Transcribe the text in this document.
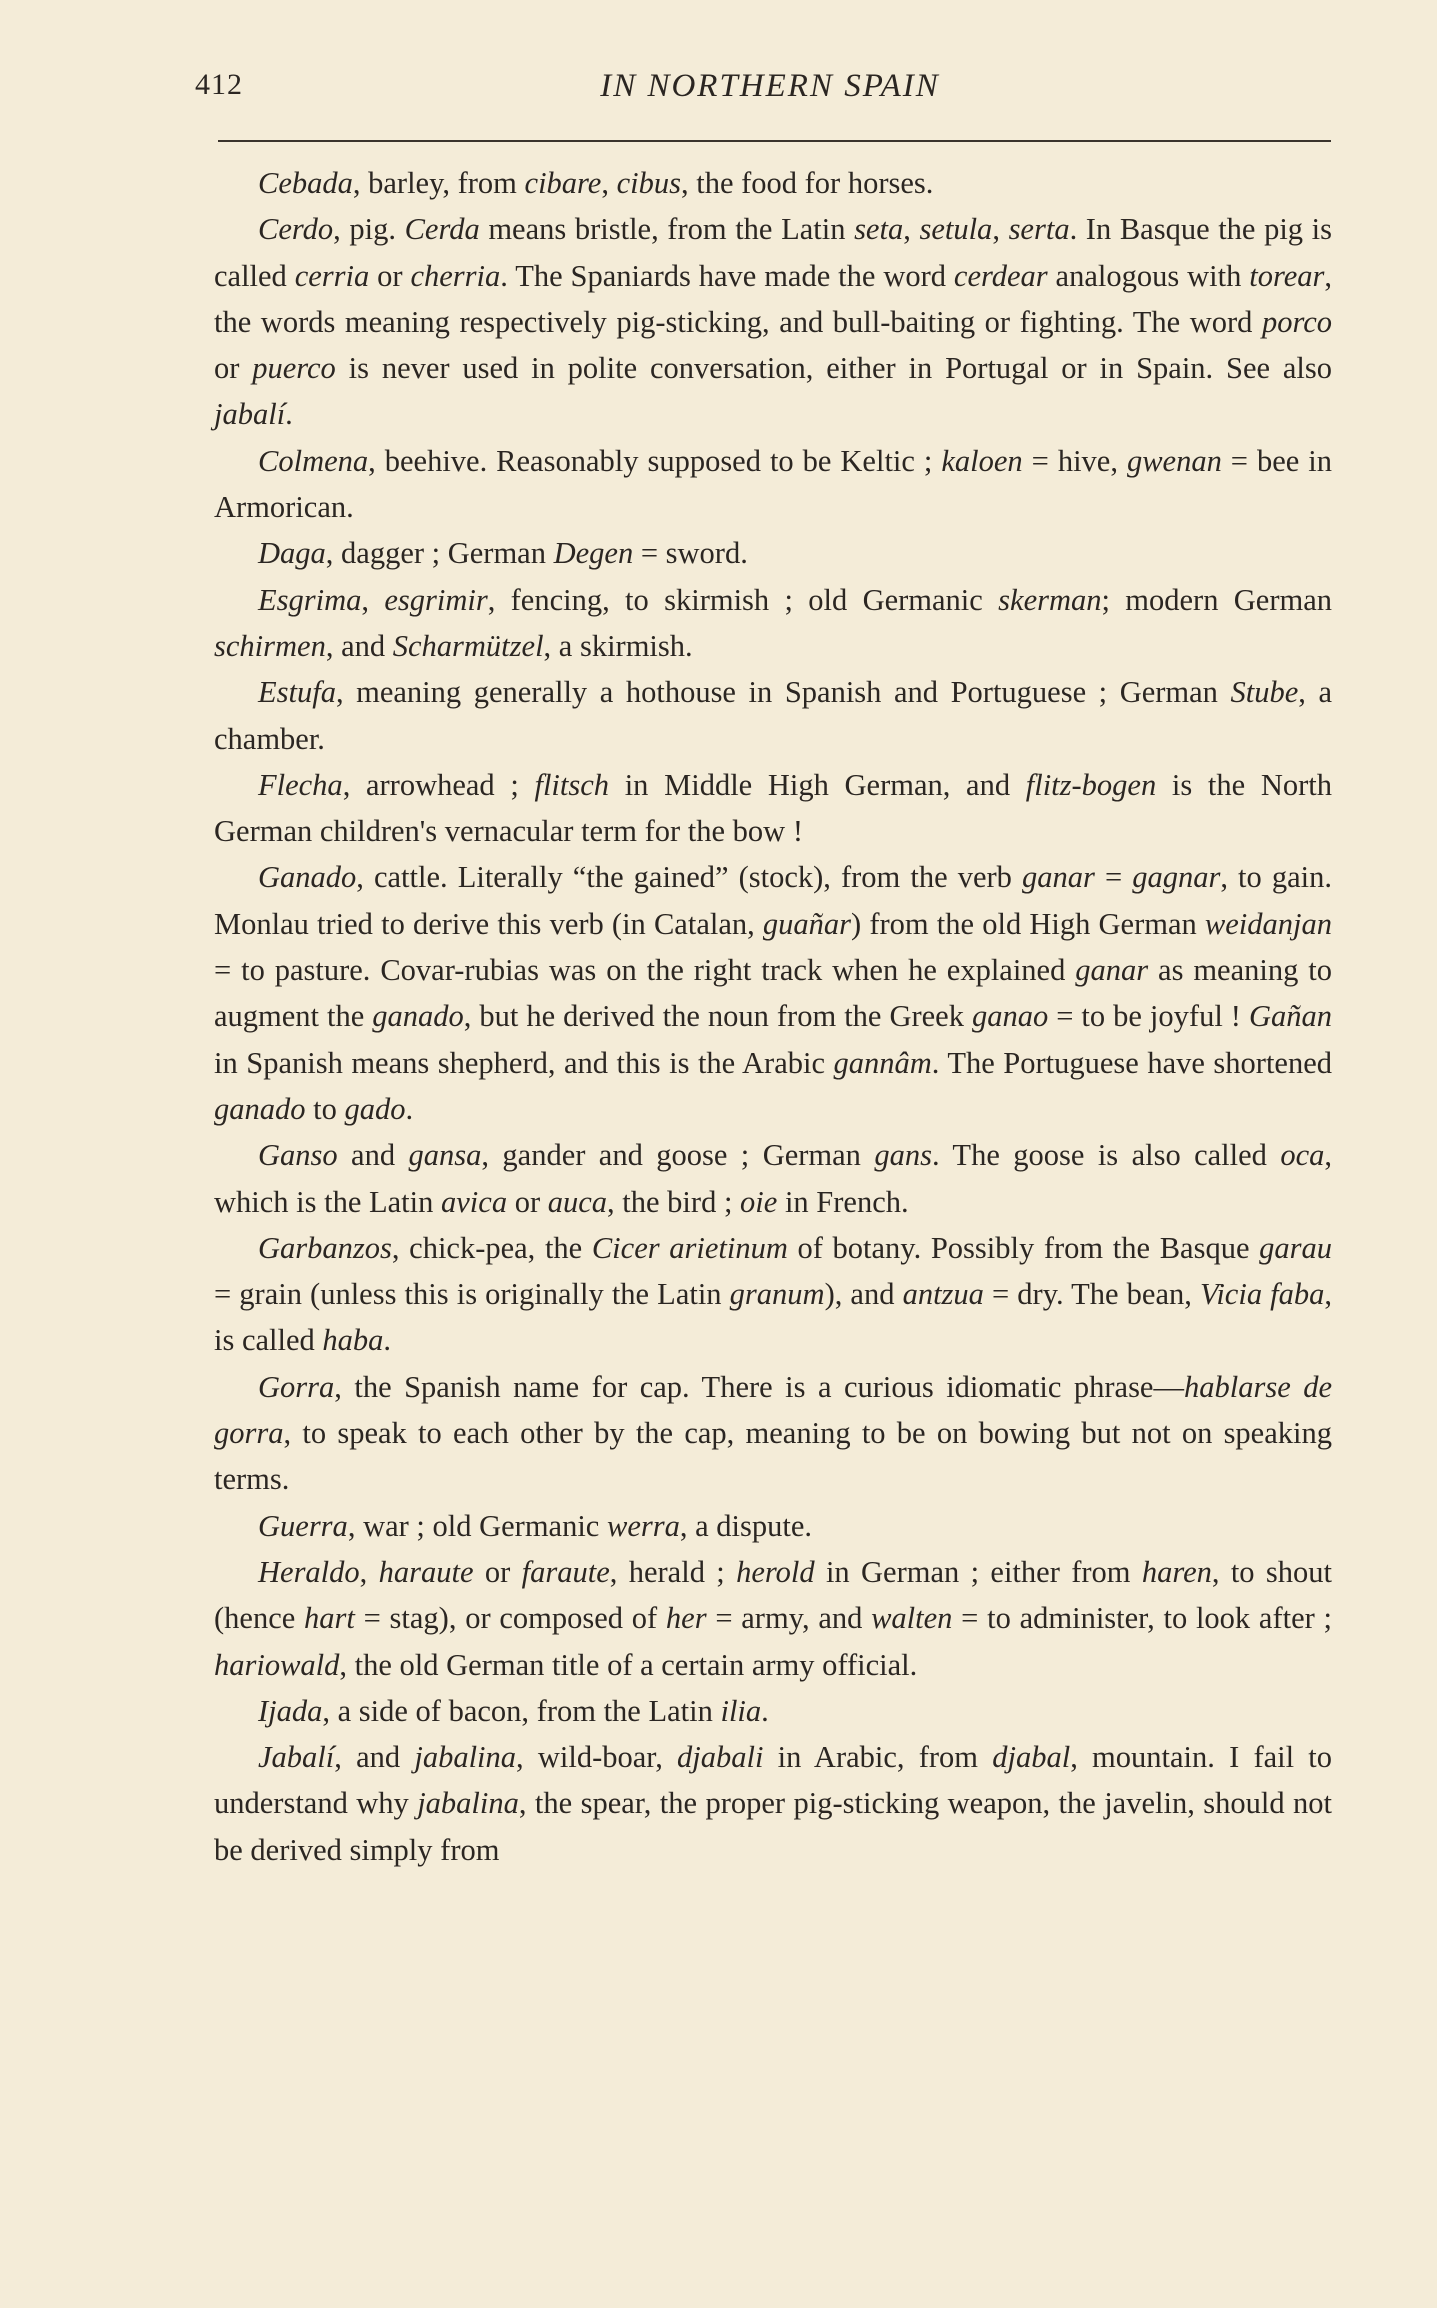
412	IN NORTHERN SPAIN

Cebada, barley, from cibare, cibus, the food for horses.

Cerdo, pig. Cerda means bristle, from the Latin seta, setula, serta. In Basque the pig is called cerria or cherria. The Spaniards have made the word cerdear analogous with torear, the words meaning respectively pig-sticking, and bull-baiting or fighting. The word porco or puerco is never used in polite conversation, either in Portugal or in Spain. See also jabalí.

Colmena, beehive. Reasonably supposed to be Keltic ; kaloen = hive, gwenan = bee in Armorican.

Daga, dagger ; German Degen = sword.

Esgrima, esgrimir, fencing, to skirmish ; old Germanic skerman; modern German schirmen, and Scharmützel, a skirmish.

Estufa, meaning generally a hothouse in Spanish and Portuguese ; German Stube, a chamber.

Flecha, arrowhead ; flitsch in Middle High German, and flitz-bogen is the North German children's vernacular term for the bow !

Ganado, cattle. Literally “the gained” (stock), from the verb ganar = gagnar, to gain. Monlau tried to derive this verb (in Catalan, guañar) from the old High German weidanjan = to pasture. Covar-rubias was on the right track when he explained ganar as meaning to augment the ganado, but he derived the noun from the Greek ganao = to be joyful ! Gañan in Spanish means shepherd, and this is the Arabic gannâm. The Portuguese have shortened ganado to gado.

Ganso and gansa, gander and goose ; German gans. The goose is also called oca, which is the Latin avica or auca, the bird ; oie in French.

Garbanzos, chick-pea, the Cicer arietinum of botany. Possibly from the Basque garau = grain (unless this is originally the Latin granum), and antzua = dry. The bean, Vicia faba, is called haba.

Gorra, the Spanish name for cap. There is a curious idiomatic phrase—hablarse de gorra, to speak to each other by the cap, meaning to be on bowing but not on speaking terms.

Guerra, war ; old Germanic werra, a dispute.

Heraldo, haraute or faraute, herald ; herold in German ; either from haren, to shout (hence hart = stag), or composed of her = army, and walten = to administer, to look after ; hariowald, the old German title of a certain army official.

Ijada, a side of bacon, from the Latin ilia.

Jabalí, and jabalina, wild-boar, djabali in Arabic, from djabal, mountain. I fail to understand why jabalina, the spear, the proper pig-sticking weapon, the javelin, should not be derived simply from
